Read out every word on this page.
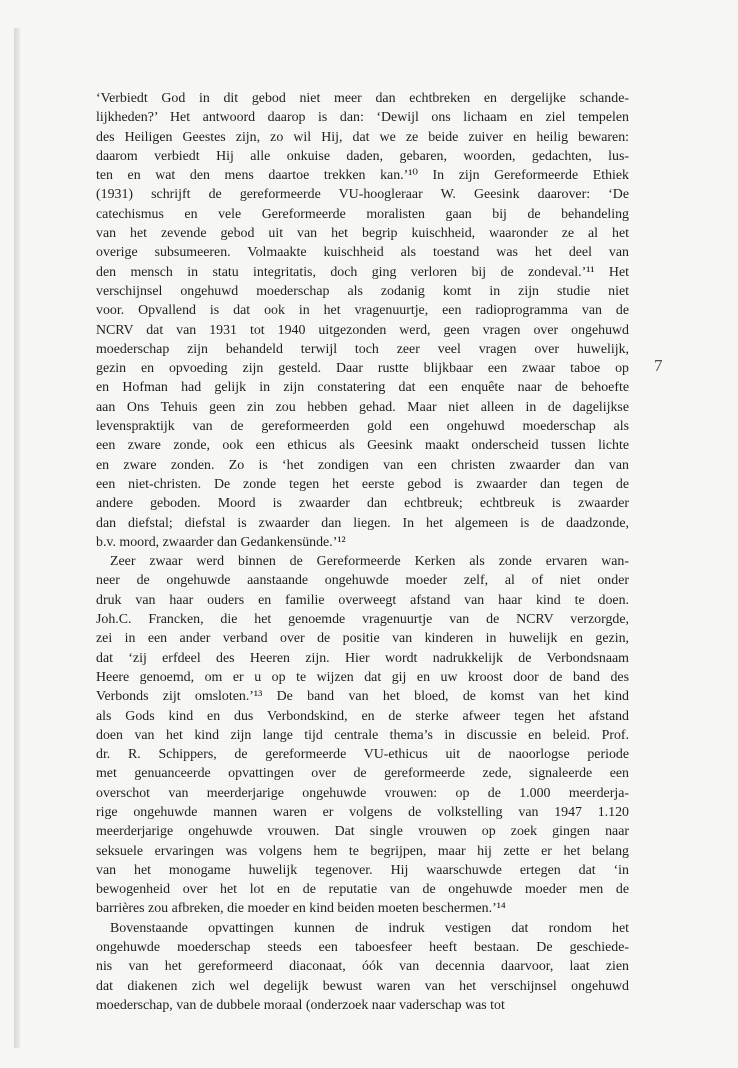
7
‘Verbiedt God in dit gebod niet meer dan echtbreken en dergelijke schande-
lijkheden?’ Het antwoord daarop is dan: ‘Dewijl ons lichaam en ziel tempelen
des Heiligen Geestes zijn, zo wil Hij, dat we ze beide zuiver en heilig bewaren:
daarom verbiedt Hij alle onkuise daden, gebaren, woorden, gedachten, lus-
ten en wat den mens daartoe trekken kan.’¹⁰ In zijn Gereformeerde Ethiek
(1931) schrijft de gereformeerde VU-hoogleraar W. Geesink daarover: ‘De
catechismus en vele Gereformeerde moralisten gaan bij de behandeling
van het zevende gebod uit van het begrip kuischheid, waaronder ze al het
overige subsumeeren. Volmaakte kuischheid als toestand was het deel van
den mensch in statu integritatis, doch ging verloren bij de zondeval.’¹¹ Het
verschijnsel ongehuwd moederschap als zodanig komt in zijn studie niet
voor. Opvallend is dat ook in het vragenuurtje, een radioprogramma van de
NCRV dat van 1931 tot 1940 uitgezonden werd, geen vragen over ongehuwd
moederschap zijn behandeld terwijl toch zeer veel vragen over huwelijk,
gezin en opvoeding zijn gesteld. Daar rustte blijkbaar een zwaar taboe op
en Hofman had gelijk in zijn constatering dat een enquête naar de behoefte
aan Ons Tehuis geen zin zou hebben gehad. Maar niet alleen in de dagelijkse
levenspraktijk van de gereformeerden gold een ongehuwd moederschap als
een zware zonde, ook een ethicus als Geesink maakt onderscheid tussen lichte
en zware zonden. Zo is ‘het zondigen van een christen zwaarder dan van
een niet-christen. De zonde tegen het eerste gebod is zwaarder dan tegen de
andere geboden. Moord is zwaarder dan echtbreuk; echtbreuk is zwaarder
dan diefstal; diefstal is zwaarder dan liegen. In het algemeen is de daadzonde,
b.v. moord, zwaarder dan Gedankensünde.’¹²
Zeer zwaar werd binnen de Gereformeerde Kerken als zonde ervaren wan-
neer de ongehuwde aanstaande ongehuwde moeder zelf, al of niet onder
druk van haar ouders en familie overweegt afstand van haar kind te doen.
Joh.C. Francken, die het genoemde vragenuurtje van de NCRV verzorgde,
zei in een ander verband over de positie van kinderen in huwelijk en gezin,
dat ‘zij erfdeel des Heeren zijn. Hier wordt nadrukkelijk de Verbondsnaam
Heere genoemd, om er u op te wijzen dat gij en uw kroost door de band des
Verbonds zijt omsloten.’¹³ De band van het bloed, de komst van het kind
als Gods kind en dus Verbondskind, en de sterke afweer tegen het afstand
doen van het kind zijn lange tijd centrale thema’s in discussie en beleid. Prof.
dr. R. Schippers, de gereformeerde VU-ethicus uit de naoorlogse periode
met genuanceerde opvattingen over de gereformeerde zede, signaleerde een
overschot van meerderjarige ongehuwde vrouwen: op de 1.000 meerderja-
rige ongehuwde mannen waren er volgens de volkstelling van 1947 1.120
meerderjarige ongehuwde vrouwen. Dat single vrouwen op zoek gingen naar
seksuele ervaringen was volgens hem te begrijpen, maar hij zette er het belang
van het monogame huwelijk tegenover. Hij waarschuwde ertegen dat ‘in
bewogenheid over het lot en de reputatie van de ongehuwde moeder men de
barrières zou afbreken, die moeder en kind beiden moeten beschermen.’¹⁴
Bovenstaande opvattingen kunnen de indruk vestigen dat rondom het
ongehuwde moederschap steeds een taboesfeer heeft bestaan. De geschiede-
nis van het gereformeerd diaconaat, óók van decennia daarvoor, laat zien
dat diakenen zich wel degelijk bewust waren van het verschijnsel ongehuwd
moederschap, van de dubbele moraal (onderzoek naar vaderschap was tot
